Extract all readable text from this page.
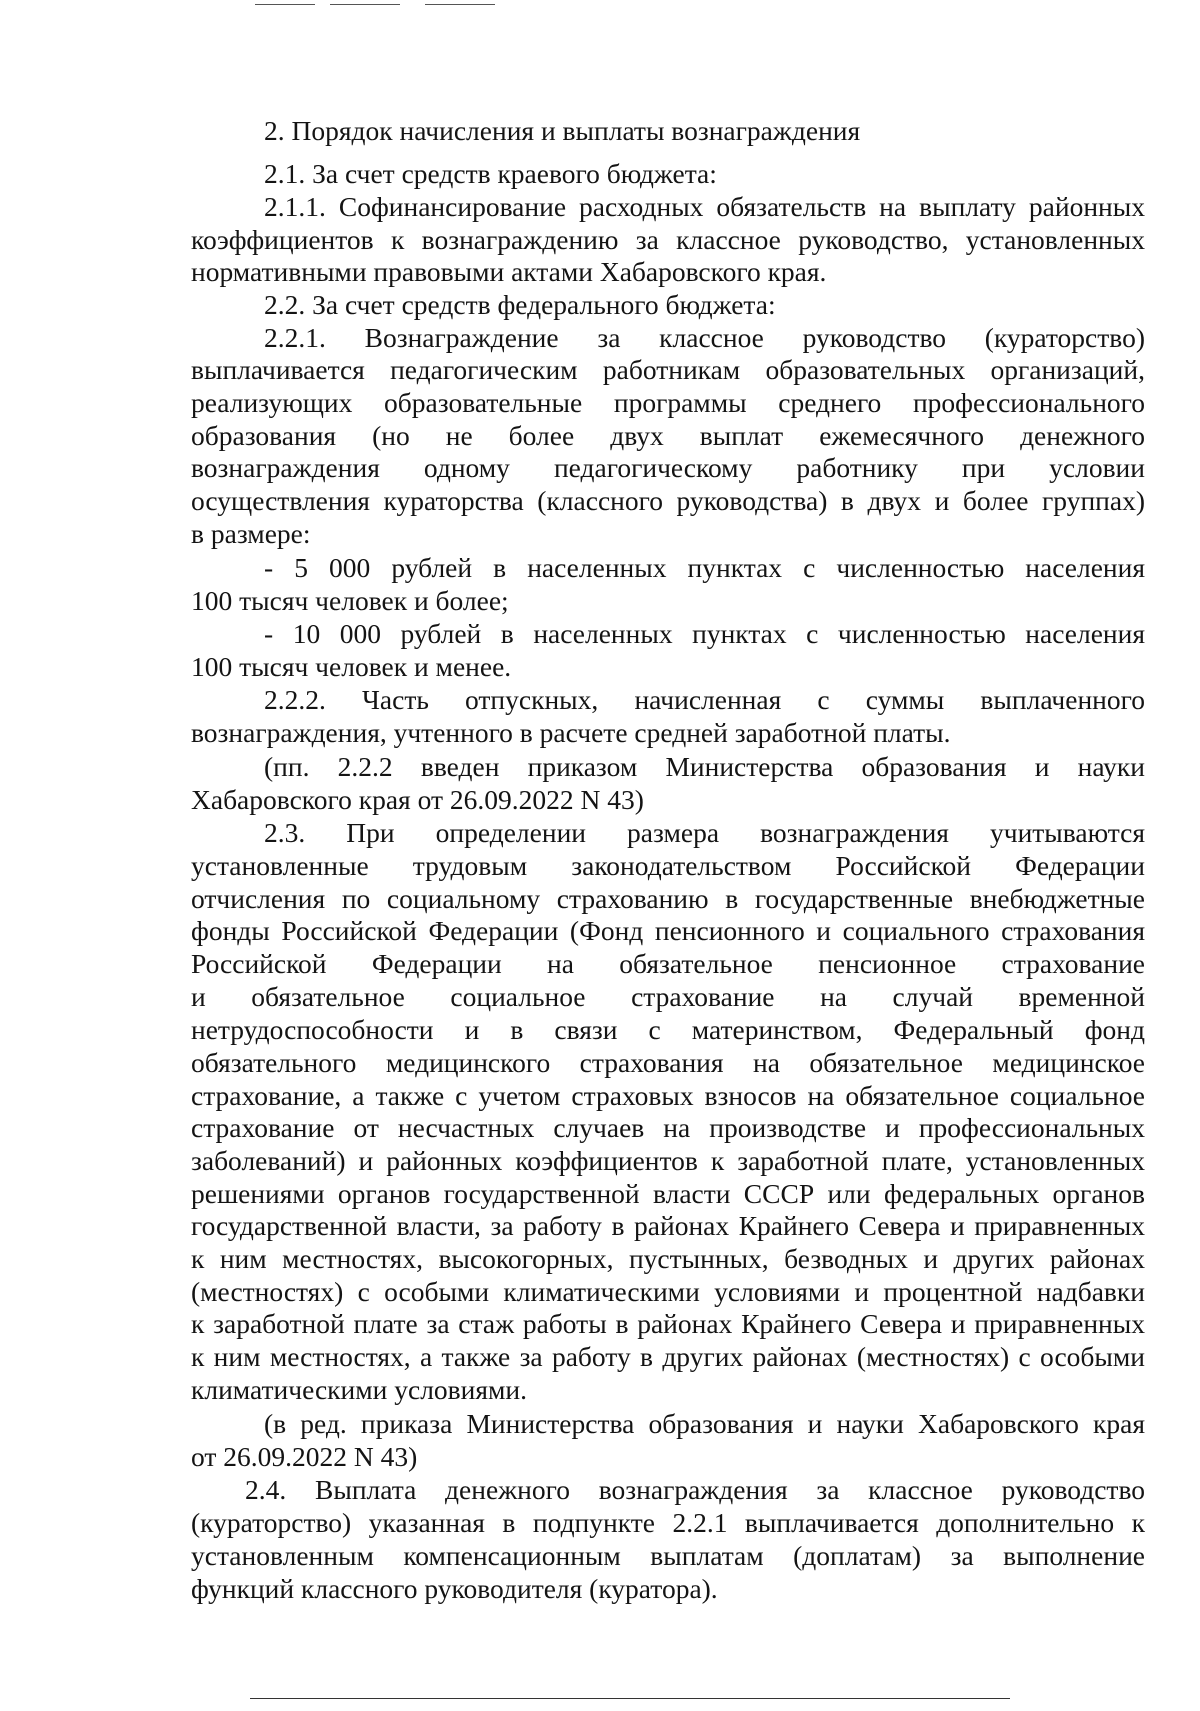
2. Порядок начисления и выплаты вознаграждения
2.1. За счет средств краевого бюджета:
2.1.1. Софинансирование расходных обязательств на выплату районных
коэффициентов к вознаграждению за классное руководство, установленных
нормативными правовыми актами Хабаровского края.
2.2. За счет средств федерального бюджета:
2.2.1. Вознаграждение за классное руководство (кураторство)
выплачивается педагогическим работникам образовательных организаций,
реализующих образовательные программы среднего профессионального
образования (но не более двух выплат ежемесячного денежного
вознаграждения одному педагогическому работнику при условии
осуществления кураторства (классного руководства) в двух и более группах)
в размере:
- 5 000 рублей в населенных пунктах с численностью населения
100 тысяч человек и более;
- 10 000 рублей в населенных пунктах с численностью населения
100 тысяч человек и менее.
2.2.2. Часть отпускных, начисленная с суммы выплаченного
вознаграждения, учтенного в расчете средней заработной платы.
(пп. 2.2.2 введен приказом Министерства образования и науки
Хабаровского края от 26.09.2022 N 43)
2.3. При определении размера вознаграждения учитываются
установленные трудовым законодательством Российской Федерации
отчисления по социальному страхованию в государственные внебюджетные
фонды Российской Федерации (Фонд пенсионного и социального страхования
Российской Федерации на обязательное пенсионное страхование
и обязательное социальное страхование на случай временной
нетрудоспособности и в связи с материнством, Федеральный фонд
обязательного медицинского страхования на обязательное медицинское
страхование, а также с учетом страховых взносов на обязательное социальное
страхование от несчастных случаев на производстве и профессиональных
заболеваний) и районных коэффициентов к заработной плате, установленных
решениями органов государственной власти СССР или федеральных органов
государственной власти, за работу в районах Крайнего Севера и приравненных
к ним местностях, высокогорных, пустынных, безводных и других районах
(местностях) с особыми климатическими условиями и процентной надбавки
к заработной плате за стаж работы в районах Крайнего Севера и приравненных
к ним местностях, а также за работу в других районах (местностях) с особыми
климатическими условиями.
(в ред. приказа Министерства образования и науки Хабаровского края
от 26.09.2022 N 43)
2.4. Выплата денежного вознаграждения за классное руководство
(кураторство) указанная в подпункте 2.2.1 выплачивается дополнительно к
установленным компенсационным выплатам (доплатам) за выполнение
функций классного руководителя (куратора).
